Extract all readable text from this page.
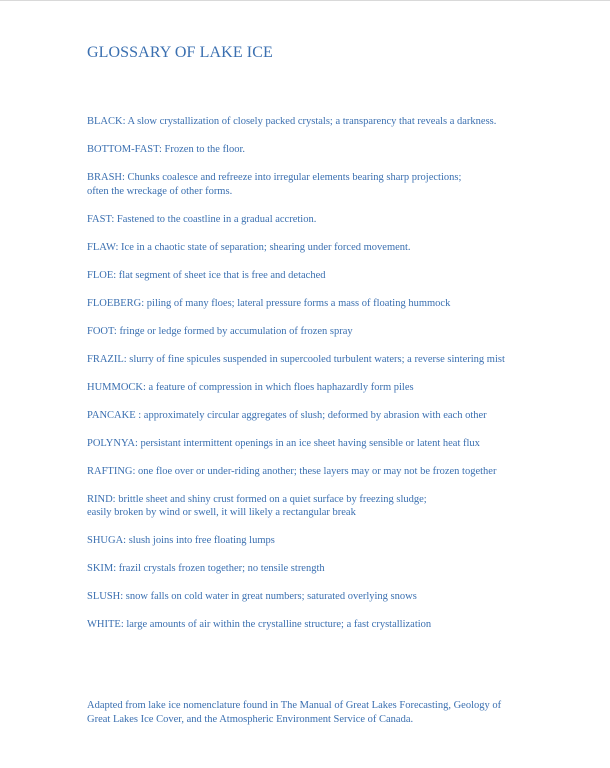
GLOSSARY OF LAKE ICE
BLACK: A slow crystallization of closely packed crystals; a transparency that reveals a darkness.
BOTTOM-FAST: Frozen to the floor.
BRASH: Chunks coalesce and refreeze into irregular elements bearing sharp projections;
often the wreckage of other forms.
FAST: Fastened to the coastline in a gradual accretion.
FLAW: Ice in a chaotic state of separation; shearing under forced movement.
FLOE: flat segment of sheet ice that is free and detached
FLOEBERG: piling of many floes; lateral pressure forms a mass of floating hummock
FOOT: fringe or ledge formed by accumulation of frozen spray
FRAZIL: slurry of fine spicules suspended in supercooled turbulent waters; a reverse sintering mist
HUMMOCK: a feature of compression in which floes haphazardly form piles
PANCAKE : approximately circular aggregates of slush; deformed by abrasion with each other
POLYNYA: persistant intermittent openings in an ice sheet having sensible or latent heat flux
RAFTING: one floe over or under-riding another; these layers may or may not be frozen together
RIND: brittle sheet and shiny crust formed on a quiet surface by freezing sludge;
easily broken by wind or swell, it will likely a rectangular break
SHUGA: slush joins into free floating lumps
SKIM: frazil crystals frozen together; no tensile strength
SLUSH: snow falls on cold water in great numbers; saturated overlying snows
WHITE: large amounts of air within the crystalline structure; a fast crystallization

Adapted from lake ice nomenclature found in The Manual of Great Lakes Forecasting, Geology of
Great Lakes Ice Cover, and the Atmospheric Environment Service of Canada.
